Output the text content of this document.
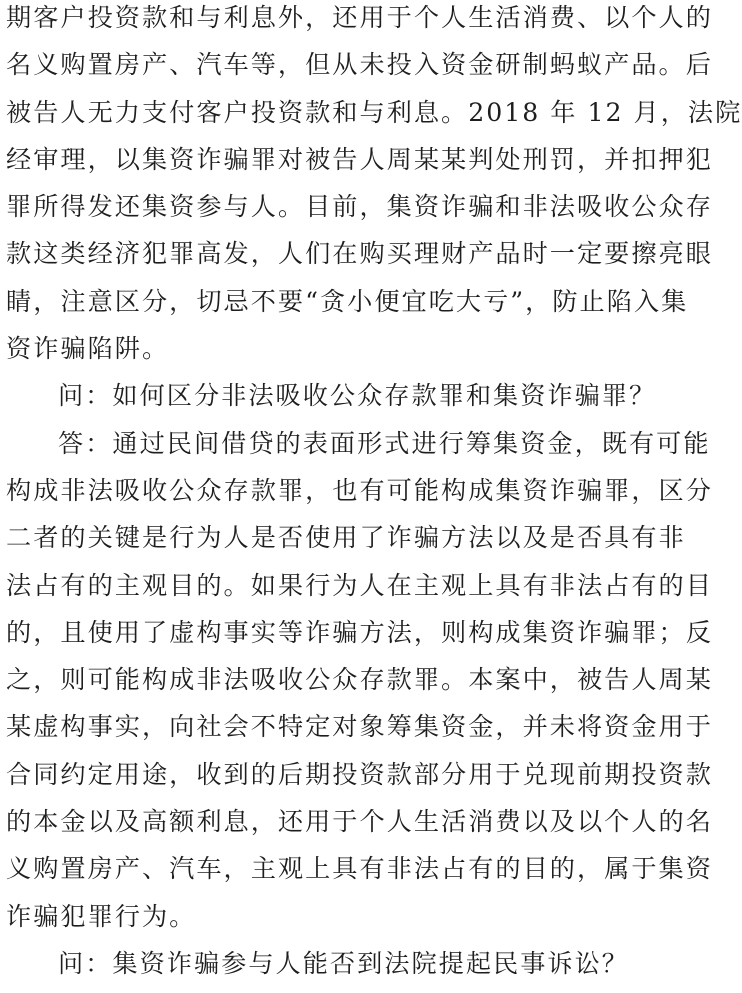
期客户投资款和与利息外，还用于个人生活消费、以个人的
名义购置房产、汽车等，但从未投入资金研制蚂蚁产品。后
被告人无力支付客户投资款和与利息。2018 年 12 月，法院
经审理，以集资诈骗罪对被告人周某某判处刑罚，并扣押犯
罪所得发还集资参与人。目前，集资诈骗和非法吸收公众存
款这类经济犯罪高发，人们在购买理财产品时一定要擦亮眼
睛，注意区分，切忌不要“贪小便宜吃大亏”，防止陷入集
资诈骗陷阱。
问：如何区分非法吸收公众存款罪和集资诈骗罪？
答：通过民间借贷的表面形式进行筹集资金，既有可能
构成非法吸收公众存款罪，也有可能构成集资诈骗罪，区分
二者的关键是行为人是否使用了诈骗方法以及是否具有非
法占有的主观目的。如果行为人在主观上具有非法占有的目
的，且使用了虚构事实等诈骗方法，则构成集资诈骗罪；反
之，则可能构成非法吸收公众存款罪。本案中，被告人周某
某虚构事实，向社会不特定对象筹集资金，并未将资金用于
合同约定用途，收到的后期投资款部分用于兑现前期投资款
的本金以及高额利息，还用于个人生活消费以及以个人的名
义购置房产、汽车，主观上具有非法占有的目的，属于集资
诈骗犯罪行为。
问：集资诈骗参与人能否到法院提起民事诉讼？
